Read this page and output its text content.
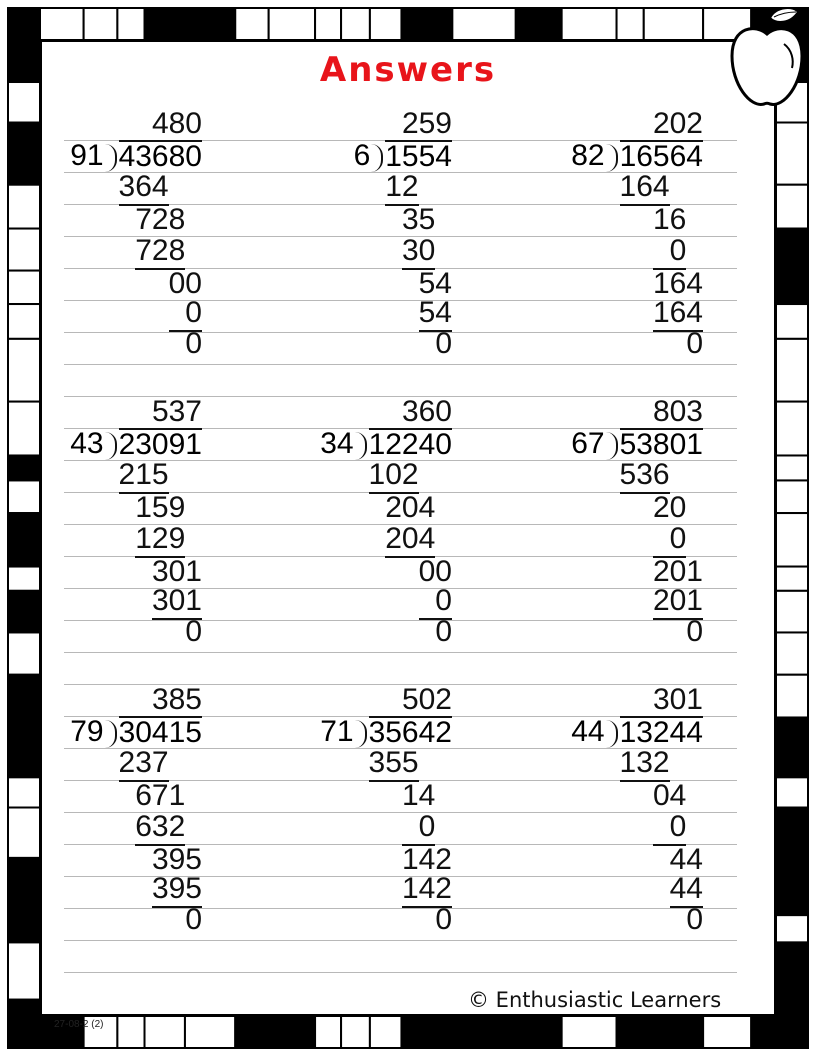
Answers
480
91 43680
364
728
728
00
 0
0
259
6 1554
12
35
30
54
54
0
202
82 16564
164
16
 0
164
164
0
537
43 23091
215
159
129
301
301
0
360
34 12240
102
204
204
00
 0
0
803
67 53801
536
20
 0
201
201
0
385
79 30415
237
671
632
395
395
0
502
71 35642
355
14
 0
142
142
0
301
44 13244
132
04
 0
44
44
0
© Enthusiastic Learners
27-08-2 (2)
